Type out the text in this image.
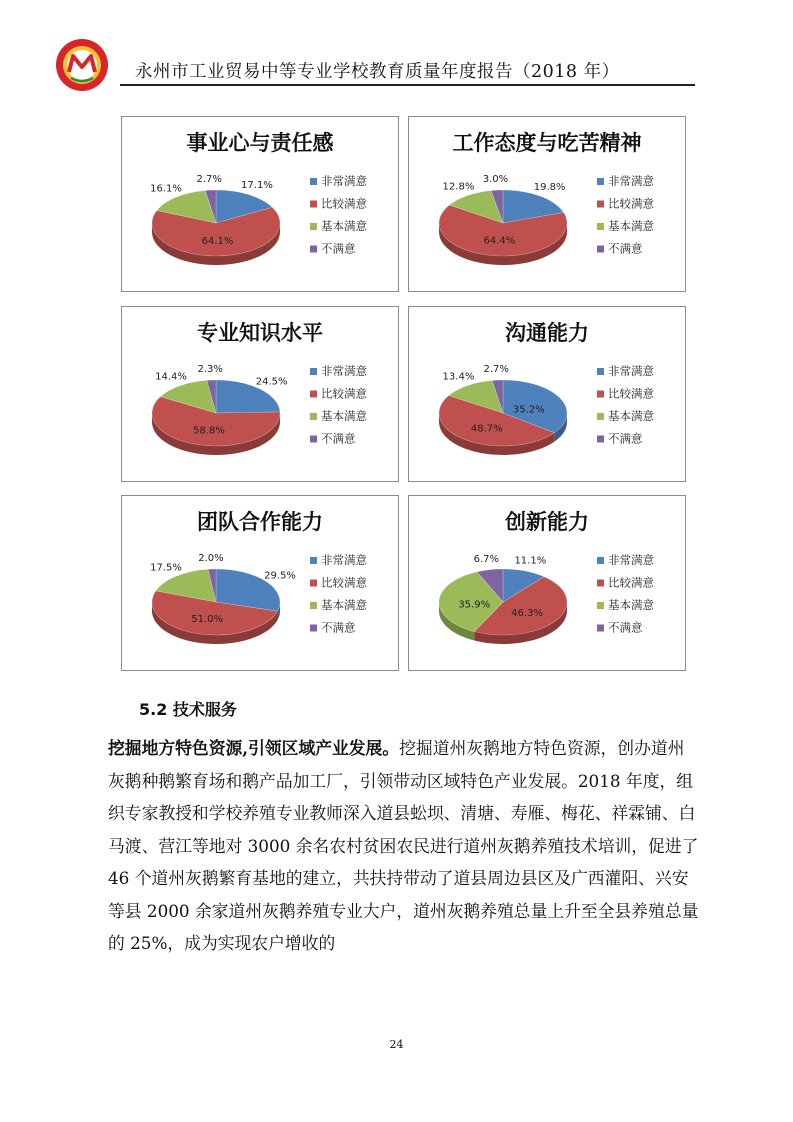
永州市工业贸易中等专业学校教育质量年度报告（2018 年）
17.1%
64.1%
16.1%
2.7%	非常满意
比较满意
基本满意
不满意
事业心与责任感
19.8%
64.4%
12.8%
3.0%	非常满意
比较满意
基本满意
不满意
工作态度与吃苦精神
24.5%
58.8%
14.4%
2.3%	非常满意
比较满意
基本满意
不满意
专业知识水平
35.2%
48.7%
13.4%
2.7%	非常满意
比较满意
基本满意
不满意
沟通能力
29.5%
51.0%
17.5%
2.0%	非常满意
比较满意
基本满意
不满意
团队合作能力
11.1%
46.3%
35.9%
6.7%	非常满意
比较满意
基本满意
不满意
创新能力
5.2 技术服务

挖掘地方特色资源,引领区域产业发展。挖掘道州灰鹅地方特色资源，创办道州灰鹅种鹅繁育场和鹅产品加工厂，引领带动区域特色产业发展。2018 年度，组织专家教授和学校养殖专业教师深入道县蚣坝、清塘、寿雁、梅花、祥霖铺、白马渡、营江等地对 3000 余名农村贫困农民进行道州灰鹅养殖技术培训，促进了 46 个道州灰鹅繁育基地的建立，共扶持带动了道县周边县区及广西灌阳、兴安等县 2000 余家道州灰鹅养殖专业大户，道州灰鹅养殖总量上升至全县养殖总量的 25%，成为实现农户增收的

24
